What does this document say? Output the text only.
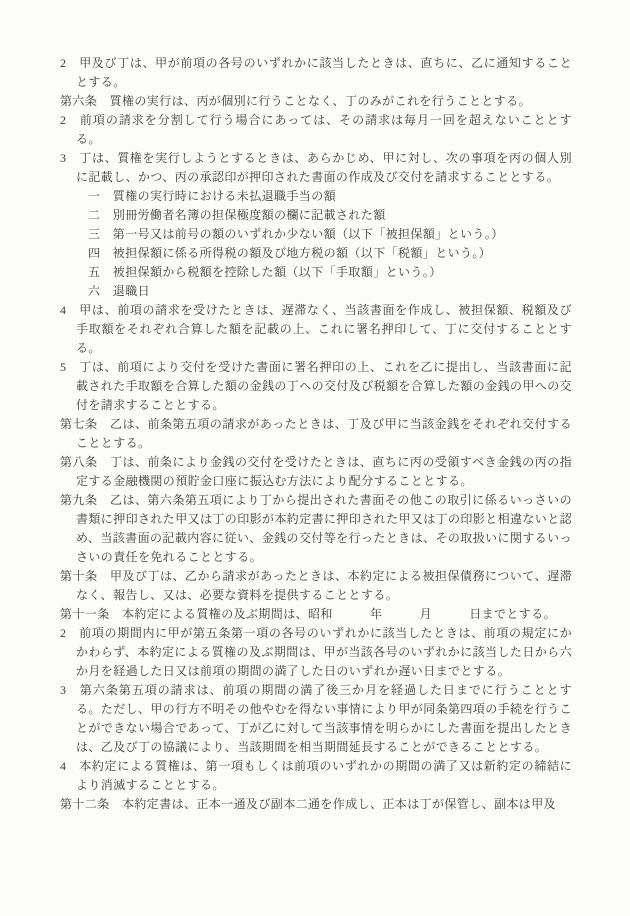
2　甲及び丁は、甲が前項の各号のいずれかに該当したときは、直ちに、乙に通知することとする。
第六条　質権の実行は、丙が個別に行うことなく、丁のみがこれを行うこととする。
2　前項の請求を分割して行う場合にあっては、その請求は毎月一回を超えないこととする。
3　丁は、質権を実行しようとするときは、あらかじめ、甲に対し、次の事項を丙の個人別に記載し、かつ、丙の承認印が押印された書面の作成及び交付を請求することとする。
一　質権の実行時における未払退職手当の額
二　別冊労働者名簿の担保極度額の欄に記載された額
三　第一号又は前号の額のいずれか少ない額（以下「被担保額」という。）
四　被担保額に係る所得税の額及び地方税の額（以下「税額」という。）
五　被担保額から税額を控除した額（以下「手取額」という。）
六　退職日
4　甲は、前項の請求を受けたときは、遅滞なく、当該書面を作成し、被担保額、税額及び手取額をそれぞれ合算した額を記載の上、これに署名押印して、丁に交付することとする。
5　丁は、前項により交付を受けた書面に署名押印の上、これを乙に提出し、当該書面に記載された手取額を合算した額の金銭の丁への交付及び税額を合算した額の金銭の甲への交付を請求することとする。
第七条　乙は、前条第五項の請求があったときは、丁及び甲に当該金銭をそれぞれ交付することとする。
第八条　丁は、前条により金銭の交付を受けたときは、直ちに丙の受領すべき金銭の丙の指定する金融機関の預貯金口座に振込む方法により配分することとする。
第九条　乙は、第六条第五項により丁から提出された書面その他この取引に係るいっさいの書類に押印された甲又は丁の印影が本約定書に押印された甲又は丁の印影と相違ないと認め、当該書面の記載内容に従い、金銭の交付等を行ったときは、その取扱いに関するいっさいの責任を免れることとする。
第十条　甲及び丁は、乙から請求があったときは、本約定による被担保債務について、遅滞なく、報告し、又は、必要な資料を提供することとする。
第十一条　本約定による質権の及ぶ期間は、昭和　　　年　　　月　　　日までとする。
2　前項の期間内に甲が第五条第一項の各号のいずれかに該当したときは、前項の規定にかかわらず、本約定による質権の及ぶ期間は、甲が当該各号のいずれかに該当した日から六か月を経過した日又は前項の期間の満了した日のいずれか遅い日までとする。
3　第六条第五項の請求は、前項の期間の満了後三か月を経過した日までに行うこととする。ただし、甲の行方不明その他やむを得ない事情により甲が同条第四項の手続を行うことができない場合であって、丁が乙に対して当該事情を明らかにした書面を提出したときは、乙及び丁の協議により、当該期間を相当期間延長することができることとする。
4　本約定による質権は、第一項もしくは前項のいずれかの期間の満了又は新約定の締結により消滅することとする。
第十二条　本約定書は、正本一通及び副本二通を作成し、正本は丁が保管し、副本は甲及
